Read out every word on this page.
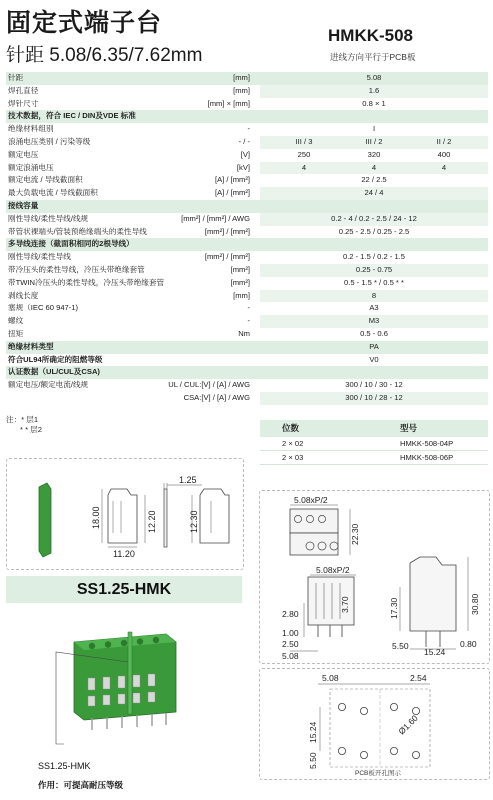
固定式端子台
针距 5.08/6.35/7.62mm
HMKK-508
进线方向平行于PCB板
针距	[mm]	5.08
焊孔直径	[mm]	1.6
焊针尺寸	[mm] × [mm]	0.8 × 1
技术数据，符合 IEC / DIN及VDE 标准
绝缘材料组别	-	I
浪涌电压类别 / 污染等级	- / -	III / 3	III / 2	II / 2
额定电压	[V]	250	320	400
额定浪涌电压	[kV]	4	4	4
额定电流 / 导线截面积	[A] / [mm²]	22 / 2.5
最大负载电流 / 导线截面积	[A] / [mm²]	24 / 4
接线容量
刚性导线/柔性导线/线规	[mm²] / [mm²] / AWG	0.2 - 4 / 0.2 - 2.5 / 24 - 12
带管状裸端头/管装预绝缘端头的柔性导线	[mm²] / [mm²]	0.25 - 2.5 / 0.25 - 2.5
多导线连接（截面积相同的2根导线）
刚性导线/柔性导线	[mm²] / [mm²]	0.2 - 1.5 / 0.2 - 1.5
带冷压头的柔性导线，冷压头带绝缘套管	[mm²]	0.25 - 0.75
带TWIN冷压头的柔性导线，冷压头带绝缘套管	[mm²]	0.5 - 1.5 * / 0.5 * *
剥线长度	[mm]	8
塞规（IEC 60 947-1)	-	A3
螺纹	-	M3
扭矩	Nm	0.5 - 0.6
绝缘材料类型	PA
符合UL94所确定的阻燃等级	V0
认证数据（UL/CUL及CSA)
额定电压/额定电流/线规	UL / CUL:[V] / [A] / AWG	300 / 10 / 30 - 12
CSA:[V] / [A] / AWG	300 / 10 / 28 - 12
注：* 层1
* * 层2	位数	型号
2 × 02	HMKK-508-04P
2 × 03	HMKK-508-06P
1.25
18.00	12.20	12.30
11.20
SS1.25-HMK
SS1.25-HMK
作用：可提高耐压等级
5.08xP/2
22.30
5.08xP/2
2.80
1.00
2.50
5.08
3.70	17.30	30.80
5.50
15.24
0.80
5.08	2.54
15.24
5.50
Ø1.60
PCB板开孔图示
